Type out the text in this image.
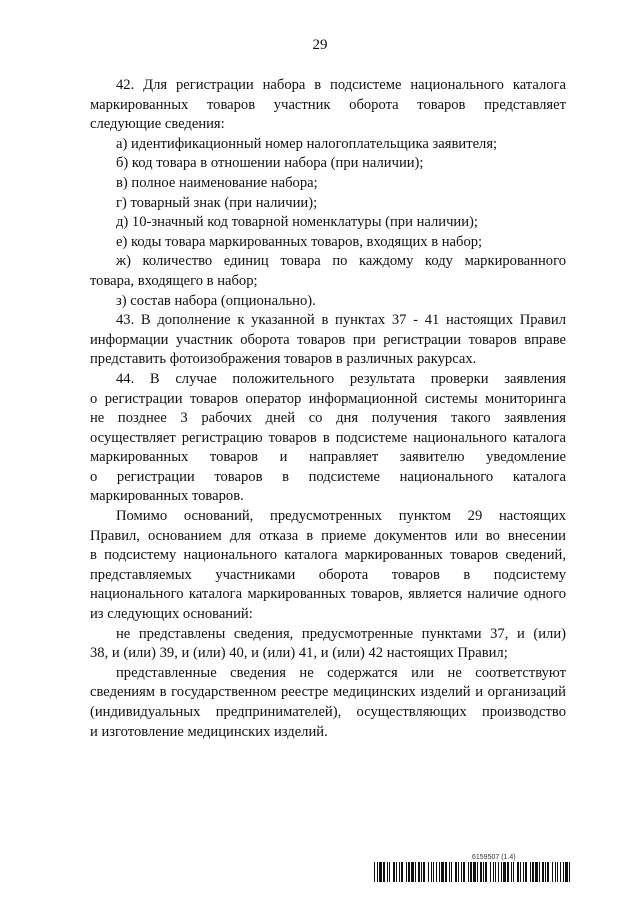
29

42. Для регистрации набора в подсистеме национального каталога

маркированных товаров участник оборота товаров представляет

следующие сведения:

а) идентификационный номер налогоплательщика заявителя;

б) код товара в отношении набора (при наличии);

в) полное наименование набора;

г) товарный знак (при наличии);

д) 10-значный код товарной номенклатуры (при наличии);

е) коды товара маркированных товаров, входящих в набор;

ж) количество единиц товара по каждому коду маркированного

товара, входящего в набор;

з) состав набора (опционально).

43. В дополнение к указанной в пунктах 37 - 41 настоящих Правил

информации участник оборота товаров при регистрации товаров вправе

представить фотоизображения товаров в различных ракурсах.

44. В случае положительного результата проверки заявления

о регистрации товаров оператор информационной системы мониторинга

не позднее 3 рабочих дней со дня получения такого заявления

осуществляет регистрацию товаров в подсистеме национального каталога

маркированных товаров и направляет заявителю уведомление

о регистрации товаров в подсистеме национального каталога

маркированных товаров.

Помимо оснований, предусмотренных пунктом 29 настоящих

Правил, основанием для отказа в приеме документов или во внесении

в подсистему национального каталога маркированных товаров сведений,

представляемых участниками оборота товаров в подсистему

национального каталога маркированных товаров, является наличие одного

из следующих оснований:

не представлены сведения, предусмотренные пунктами 37, и (или)

38, и (или) 39, и (или) 40, и (или) 41, и (или) 42 настоящих Правил;

представленные сведения не содержатся или не соответствуют

сведениям в государственном реестре медицинских изделий и организаций

(индивидуальных предпринимателей), осуществляющих производство

и изготовление медицинских изделий.

6159507 (1.4)
